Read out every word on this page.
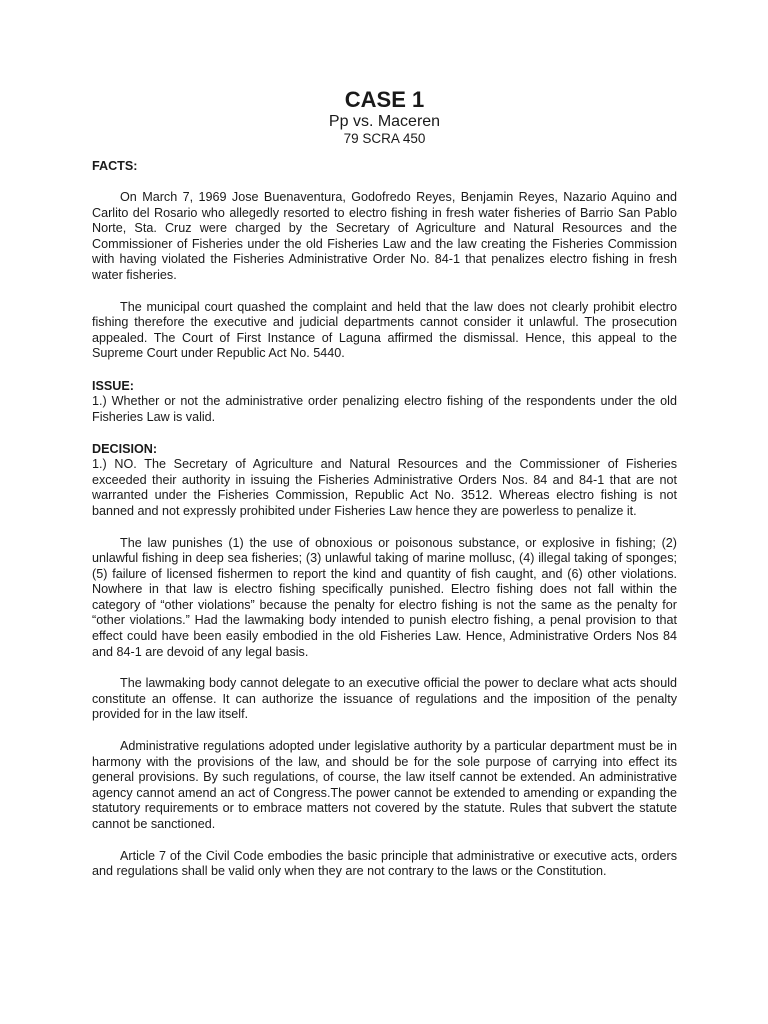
CASE 1
Pp vs. Maceren
79 SCRA 450
FACTS:

On March 7, 1969 Jose Buenaventura, Godofredo Reyes, Benjamin Reyes, Nazario Aquino and Carlito del Rosario who allegedly resorted to electro fishing in fresh water fisheries of Barrio San Pablo Norte, Sta. Cruz were charged by the Secretary of Agriculture and Natural Resources and the Commissioner of Fisheries under the old Fisheries Law and the law creating the Fisheries Commission with having violated the Fisheries Administrative Order No. 84-1 that penalizes electro fishing in fresh water fisheries.

The municipal court quashed the complaint and held that the law does not clearly prohibit electro fishing therefore the executive and judicial departments cannot consider it unlawful. The prosecution appealed. The Court of First Instance of Laguna affirmed the dismissal. Hence, this appeal to the Supreme Court under Republic Act No. 5440.

ISSUE:

1.) Whether or not the administrative order penalizing electro fishing of the respondents under the old Fisheries Law is valid.

DECISION:

1.) NO. The Secretary of Agriculture and Natural Resources and the Commissioner of Fisheries exceeded their authority in issuing the Fisheries Administrative Orders Nos. 84 and 84-1 that are not warranted under the Fisheries Commission, Republic Act No. 3512. Whereas electro fishing is not banned and not expressly prohibited under Fisheries Law hence they are powerless to penalize it.

The law punishes (1) the use of obnoxious or poisonous substance, or explosive in fishing; (2) unlawful fishing in deep sea fisheries; (3) unlawful taking of marine mollusc, (4) illegal taking of sponges; (5) failure of licensed fishermen to report the kind and quantity of fish caught, and (6) other violations. Nowhere in that law is electro fishing specifically punished. Electro fishing does not fall within the category of “other violations” because the penalty for electro fishing is not the same as the penalty for “other violations.” Had the lawmaking body intended to punish electro fishing, a penal provision to that effect could have been easily embodied in the old Fisheries Law. Hence, Administrative Orders Nos 84 and 84-1 are devoid of any legal basis.

The lawmaking body cannot delegate to an executive official the power to declare what acts should constitute an offense. It can authorize the issuance of regulations and the imposition of the penalty provided for in the law itself.

Administrative regulations adopted under legislative authority by a particular department must be in harmony with the provisions of the law, and should be for the sole purpose of carrying into effect its general provisions. By such regulations, of course, the law itself cannot be extended. An administrative agency cannot amend an act of Congress.The power cannot be extended to amending or expanding the statutory requirements or to embrace matters not covered by the statute. Rules that subvert the statute cannot be sanctioned.

Article 7 of the Civil Code embodies the basic principle that administrative or executive acts, orders and regulations shall be valid only when they are not contrary to the laws or the Constitution.
